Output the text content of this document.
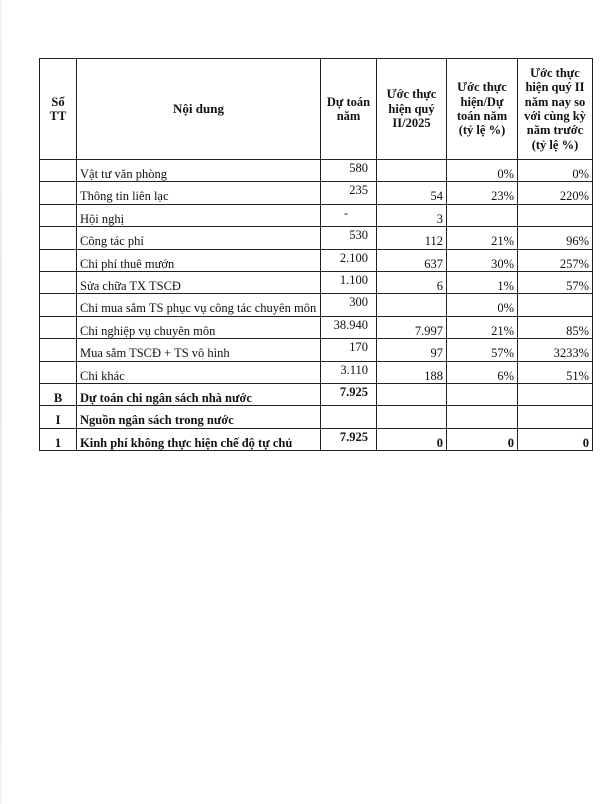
Số TT	Nội dung	Dự toán năm	Ước thực hiện quý II/2025	Ước thực hiện/Dự toán năm (tỷ lệ %)	Ước thực hiện quý II năm nay so với cùng kỳ năm trước (tỷ lệ %)
	Vật tư văn phòng	580		0%	0%
	Thông tin liên lạc	235	54	23%	220%
	Hội nghị	-	3		
	Công tác phí	530	112	21%	96%
	Chi phí thuê mướn	2.100	637	30%	257%
	Sửa chữa TX TSCĐ	1.100	6	1%	57%
	Chi mua sắm TS phục vụ công tác chuyên môn	300		0%	
	Chi nghiệp vụ chuyên môn	38.940	7.997	21%	85%
	Mua sắm TSCĐ + TS vô hình	170	97	57%	3233%
	Chi khác	3.110	188	6%	51%
B	Dự toán chi ngân sách nhà nước	7.925			
I	Nguồn ngân sách trong nước				
1	Kinh phí không thực hiện chế độ tự chủ	7.925	0	0	0
